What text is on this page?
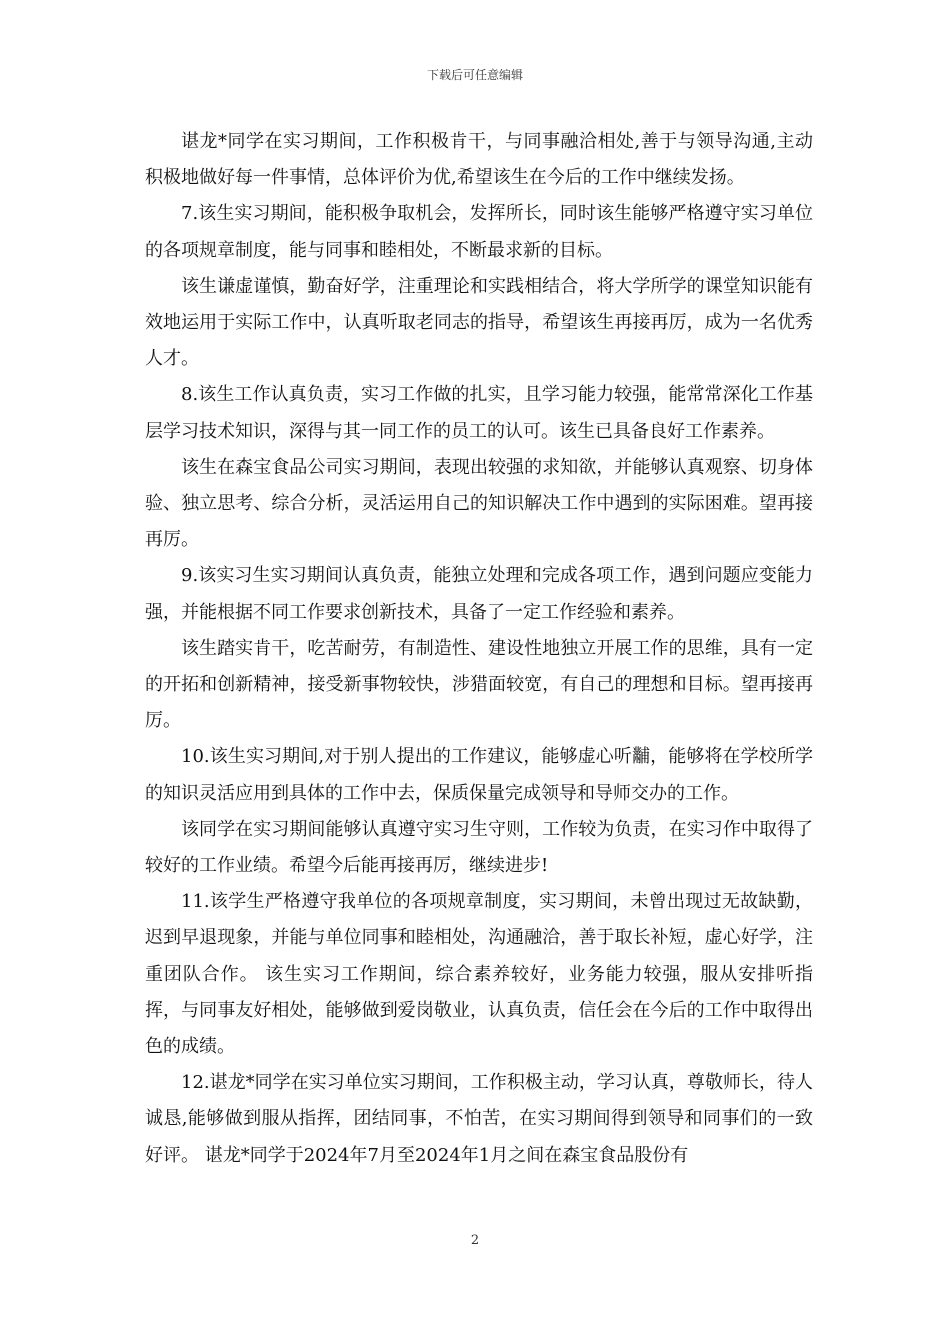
下载后可任意编辑

谌龙*同学在实习期间，工作积极肯干，与同事融洽相处,善于与领导沟通,主动积极地做好每一件事情，总体评价为优,希望该生在今后的工作中继续发扬。

7.该生实习期间，能积极争取机会，发挥所长，同时该生能够严格遵守实习单位的各项规章制度，能与同事和睦相处，不断最求新的目标。

该生谦虚谨慎，勤奋好学，注重理论和实践相结合，将大学所学的课堂知识能有效地运用于实际工作中，认真听取老同志的指导，希望该生再接再厉，成为一名优秀人才。

8.该生工作认真负责，实习工作做的扎实，且学习能力较强，能常常深化工作基层学习技术知识，深得与其一同工作的员工的认可。该生已具备良好工作素养。

该生在森宝食品公司实习期间，表现出较强的求知欲，并能够认真观察、切身体验、独立思考、综合分析，灵活运用自己的知识解决工作中遇到的实际困难。望再接再厉。

9.该实习生实习期间认真负责，能独立处理和完成各项工作，遇到问题应变能力强，并能根据不同工作要求创新技术，具备了一定工作经验和素养。

该生踏实肯干，吃苦耐劳，有制造性、建设性地独立开展工作的思维，具有一定的开拓和创新精神，接受新事物较快，涉猎面较宽，有自己的理想和目标。望再接再厉。

10.该生实习期间,对于别人提出的工作建议，能够虚心听黼，能够将在学校所学的知识灵活应用到具体的工作中去，保质保量完成领导和导师交办的工作。

该同学在实习期间能够认真遵守实习生守则，工作较为负责，在实习作中取得了较好的工作业绩。希望今后能再接再厉，继续进步!

11.该学生严格遵守我单位的各项规章制度，实习期间，未曾出现过无故缺勤，迟到早退现象，并能与单位同事和睦相处，沟通融洽，善于取长补短，虚心好学，注重团队合作。 该生实习工作期间，综合素养较好，业务能力较强，服从安排听指挥，与同事友好相处，能够做到爱岗敬业，认真负责，信任会在今后的工作中取得出色的成绩。

12.谌龙*同学在实习单位实习期间，工作积极主动，学习认真，尊敬师长，待人诚恳,能够做到服从指挥，团结同事，不怕苦，在实习期间得到领导和同事们的一致好评。 谌龙*同学于2024年7月至2024年1月之间在森宝食品股份有

2
